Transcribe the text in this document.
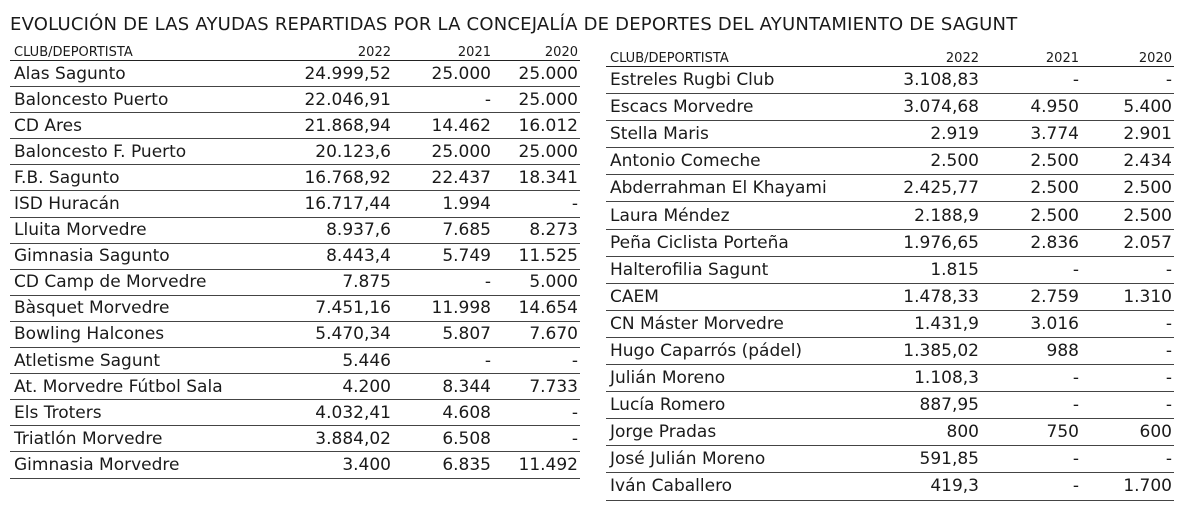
EVOLUCIÓN DE LAS AYUDAS REPARTIDAS POR LA CONCEJALÍA DE DEPORTES DEL AYUNTAMIENTO DE SAGUNT
CLUB/DEPORTISTA	2022	2021	2020
Alas Sagunto	24.999,52	25.000	25.000
Baloncesto Puerto	22.046,91	-	25.000
CD Ares	21.868,94	14.462	16.012
Baloncesto F. Puerto	20.123,6	25.000	25.000
F.B. Sagunto	16.768,92	22.437	18.341
ISD Huracán	16.717,44	1.994	-
Lluita Morvedre	8.937,6	7.685	8.273
Gimnasia Sagunto	8.443,4	5.749	11.525
CD Camp de Morvedre	7.875	-	5.000
Bàsquet Morvedre	7.451,16	11.998	14.654
Bowling Halcones	5.470,34	5.807	7.670
Atletisme Sagunt	5.446	-	-
At. Morvedre Fútbol Sala	4.200	8.344	7.733
Els Troters	4.032,41	4.608	-
Triatlón Morvedre	3.884,02	6.508	-
Gimnasia Morvedre	3.400	6.835	11.492
CLUB/DEPORTISTA	2022	2021	2020
Estreles Rugbi Club	3.108,83	-	-
Escacs Morvedre	3.074,68	4.950	5.400
Stella Maris	2.919	3.774	2.901
Antonio Comeche	2.500	2.500	2.434
Abderrahman El Khayami	2.425,77	2.500	2.500
Laura Méndez	2.188,9	2.500	2.500
Peña Ciclista Porteña	1.976,65	2.836	2.057
Halterofilia Sagunt	1.815	-	-
CAEM	1.478,33	2.759	1.310
CN Máster Morvedre	1.431,9	3.016	-
Hugo Caparrós (pádel)	1.385,02	988	-
Julián Moreno	1.108,3	-	-
Lucía Romero	887,95	-	-
Jorge Pradas	800	750	600
José Julián Moreno	591,85	-	-
Iván Caballero	419,3	-	1.700
